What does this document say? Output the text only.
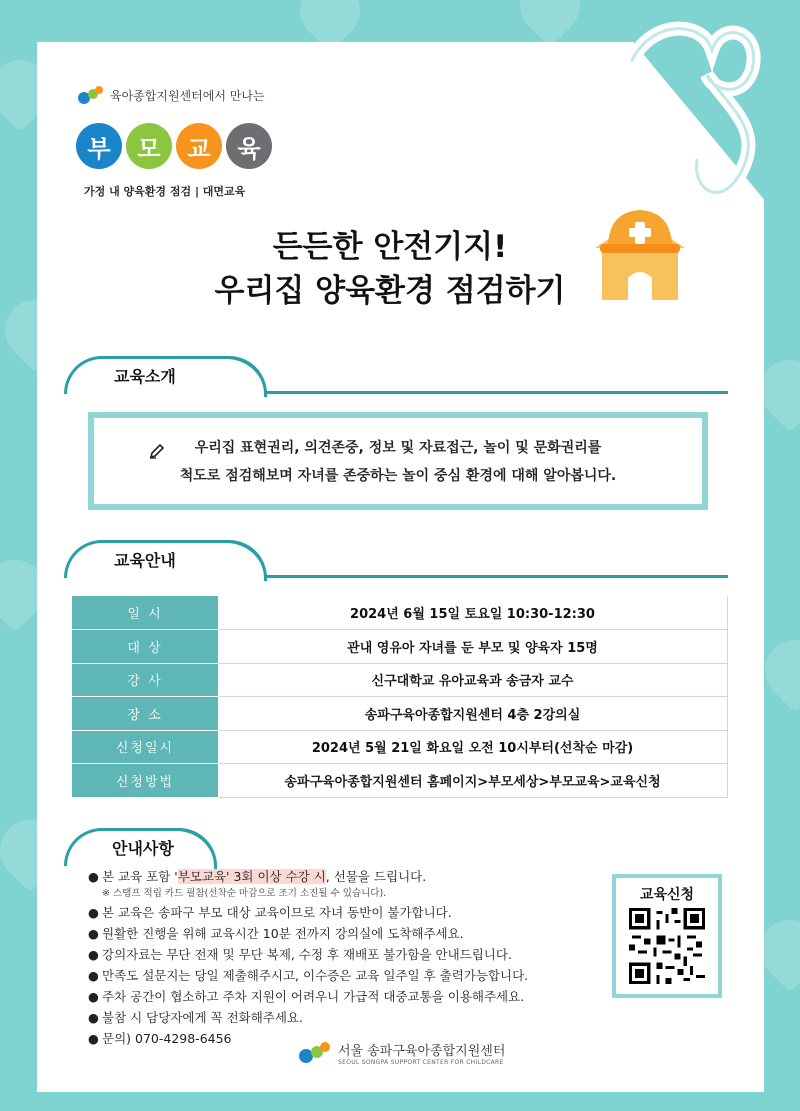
육아종합지원센터에서 만나는
부	모	교	육
가정 내 양육환경 점검 | 대면교육
든든한 안전기지!
우리집 양육환경 점검하기
교육소개
우리집 표현권리, 의견존중, 정보 및 자료접근, 놀이 및 문화권리를
척도로 점검해보며 자녀를 존중하는 놀이 중심 환경에 대해 알아봅니다.
교육안내
일 시	2024년 6월 15일 토요일 10:30-12:30
대 상	관내 영유아 자녀를 둔 부모 및 양육자 15명
강 사	신구대학교 유아교육과 송금자 교수
장 소	송파구육아종합지원센터 4층 2강의실
신청일시	2024년 5월 21일 화요일 오전 10시부터(선착순 마감)
신청방법	송파구육아종합지원센터 홈페이지>부모세상>부모교육>교육신청
안내사항
● 본 교육 포함 '부모교육' 3회 이상 수강 시, 선물을 드립니다.
※ 스탬프 적립 카드 필참(선착순 마감으로 조기 소진될 수 있습니다).
● 본 교육은 송파구 부모 대상 교육이므로 자녀 동반이 불가합니다.
● 원활한 진행을 위해 교육시간 10분 전까지 강의실에 도착해주세요.
● 강의자료는 무단 전재 및 무단 복제, 수정 후 재배포 불가함을 안내드립니다.
● 만족도 설문지는 당일 제출해주시고, 이수증은 교육 일주일 후 출력가능합니다.
● 주차 공간이 협소하고 주차 지원이 어려우니 가급적 대중교통을 이용해주세요.
● 불참 시 담당자에게 꼭 전화해주세요.
● 문의) 070-4298-6456
교육신청
서울 송파구육아종합지원센터
SEOUL SONGPA SUPPORT CENTER FOR CHILDCARE
